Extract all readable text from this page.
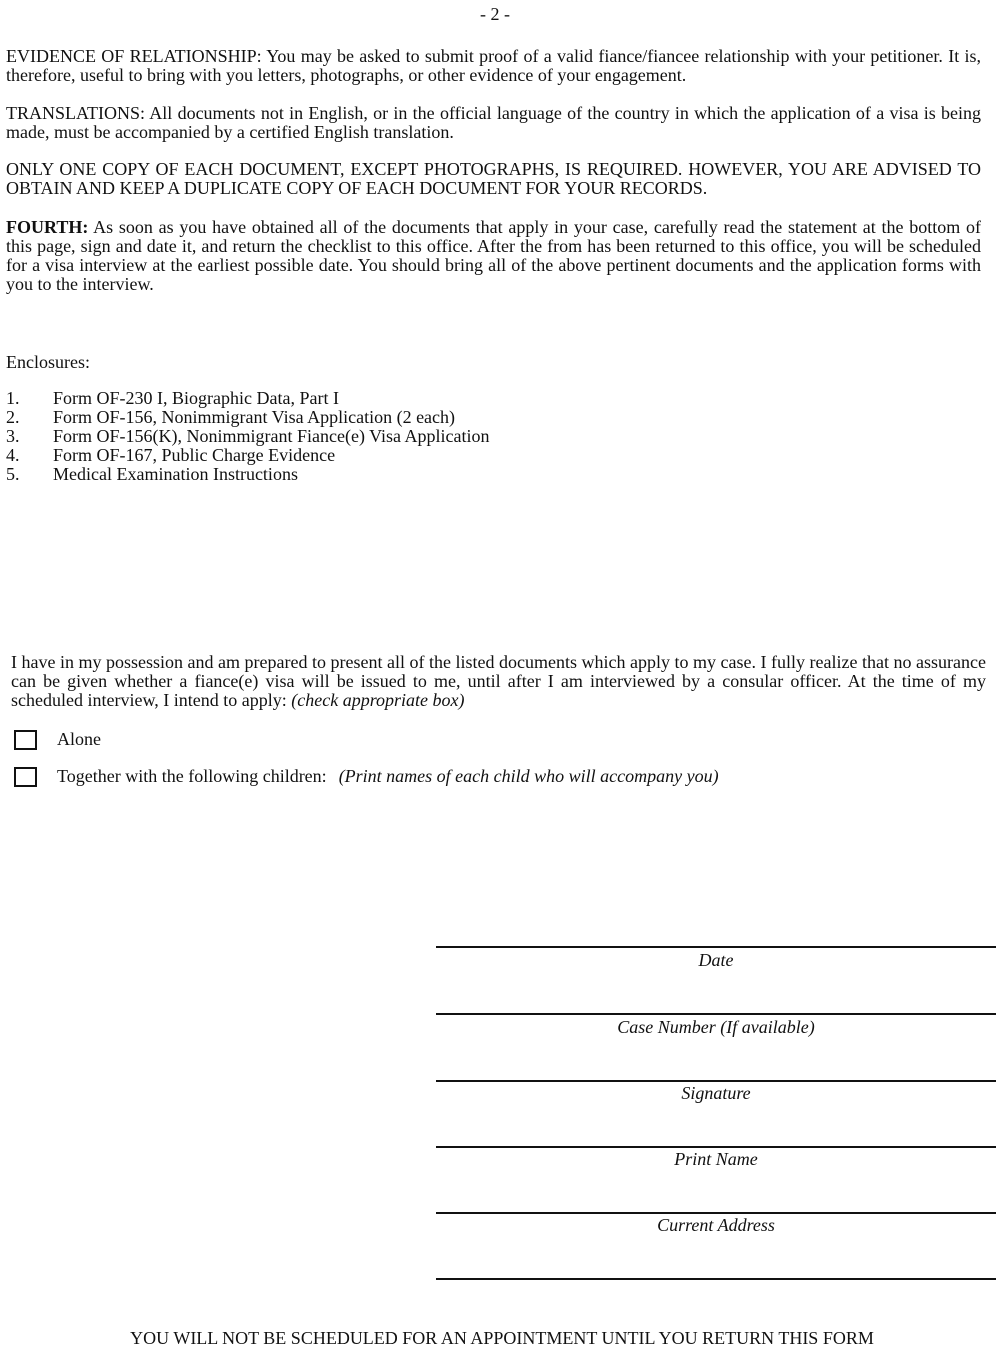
- 2 -
EVIDENCE OF RELATIONSHIP: You may be asked to submit proof of a valid fiance/fiancee relationship with your petitioner. It is, therefore, useful to bring with you letters, photographs, or other evidence of your engagement.
TRANSLATIONS: All documents not in English, or in the official language of the country in which the application of a visa is being made, must be accompanied by a certified English translation.
ONLY ONE COPY OF EACH DOCUMENT, EXCEPT PHOTOGRAPHS, IS REQUIRED. HOWEVER, YOU ARE ADVISED TO OBTAIN AND KEEP A DUPLICATE COPY OF EACH DOCUMENT FOR YOUR RECORDS.
FOURTH: As soon as you have obtained all of the documents that apply in your case, carefully read the statement at the bottom of this page, sign and date it, and return the checklist to this office. After the from has been returned to this office, you will be scheduled for a visa interview at the earliest possible date. You should bring all of the above pertinent documents and the application forms with you to the interview.
Enclosures:
1. Form OF-230 I, Biographic Data, Part I
2. Form OF-156, Nonimmigrant Visa Application (2 each)
3. Form OF-156(K), Nonimmigrant Fiance(e) Visa Application
4. Form OF-167, Public Charge Evidence
5. Medical Examination Instructions
I have in my possession and am prepared to present all of the listed documents which apply to my case. I fully realize that no assurance can be given whether a fiance(e) visa will be issued to me, until after I am interviewed by a consular officer. At the time of my scheduled interview, I intend to apply: (check appropriate box)
Alone
Together with the following children: (Print names of each child who will accompany you)
Date
Case Number (If available)
Signature
Print Name
Current Address
YOU WILL NOT BE SCHEDULED FOR AN APPOINTMENT UNTIL YOU RETURN THIS FORM
